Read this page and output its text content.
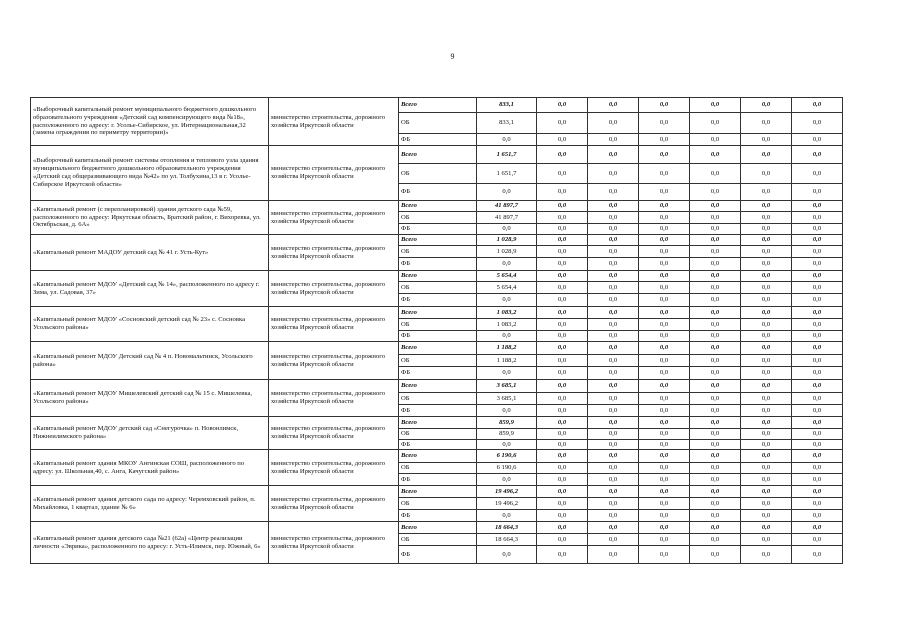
9
«Выборочный капитальный ремонт муниципального бюджетного дошкольного образовательного учреждения «Детский сад компенсирующего вида №18», расположенного по адресу: г. Усолье-Сибирское, ул. Интернациональная,32 (замена ограждения по периметру территории)»	министерство строительства, дорожного хозяйства Иркутской области	Всего	833,1	0,0	0,0	0,0	0,0	0,0	0,0
		ОБ	833,1	0,0	0,0	0,0	0,0	0,0	0,0
		ФБ	0,0	0,0	0,0	0,0	0,0	0,0	0,0
«Выборочный капитальный ремонт системы отопления и теплового узла здания муниципального бюджетного дошкольного образовательного учреждения «Детский сад общеразвивающего вида №42» по ул. Толбухина,13 в г. Усолье-Сибирское Иркутской области»	министерство строительства, дорожного хозяйства Иркутской области	Всего	1 651,7	0,0	0,0	0,0	0,0	0,0	0,0
		ОБ	1 651,7	0,0	0,0	0,0	0,0	0,0	0,0
		ФБ	0,0	0,0	0,0	0,0	0,0	0,0	0,0
«Капитальный ремонт (с перепланировкой) здания детского сада №59, расположенного по адресу: Иркутская область, Братский район, г. Вихоревка, ул. Октябрьская, д. 6А»	министерство строительства, дорожного хозяйства Иркутской области	Всего	41 897,7	0,0	0,0	0,0	0,0	0,0	0,0
		ОБ	41 897,7	0,0	0,0	0,0	0,0	0,0	0,0
		ФБ	0,0	0,0	0,0	0,0	0,0	0,0	0,0
«Капитальный ремонт МАДОУ детский сад № 41 г. Усть-Кут»	министерство строительства, дорожного хозяйства Иркутской области	Всего	1 028,9	0,0	0,0	0,0	0,0	0,0	0,0
		ОБ	1 028,9	0,0	0,0	0,0	0,0	0,0	0,0
		ФБ	0,0	0,0	0,0	0,0	0,0	0,0	0,0
«Капитальный ремонт МДОУ «Детский сад № 14», расположенного по адресу г. Зима, ул. Садовая, 37»	министерство строительства, дорожного хозяйства Иркутской области	Всего	5 654,4	0,0	0,0	0,0	0,0	0,0	0,0
		ОБ	5 654,4	0,0	0,0	0,0	0,0	0,0	0,0
		ФБ	0,0	0,0	0,0	0,0	0,0	0,0	0,0
«Капитальный ремонт МДОУ «Сосновский детский сад № 23» с. Сосновка Усольского района»	министерство строительства, дорожного хозяйства Иркутской области	Всего	1 083,2	0,0	0,0	0,0	0,0	0,0	0,0
		ОБ	1 083,2	0,0	0,0	0,0	0,0	0,0	0,0
		ФБ	0,0	0,0	0,0	0,0	0,0	0,0	0,0
«Капитальный ремонт МДОУ Детский сад № 4 п. Новомальтинск, Усольского района»	министерство строительства, дорожного хозяйства Иркутской области	Всего	1 188,2	0,0	0,0	0,0	0,0	0,0	0,0
		ОБ	1 188,2	0,0	0,0	0,0	0,0	0,0	0,0
		ФБ	0,0	0,0	0,0	0,0	0,0	0,0	0,0
«Капитальный ремонт МДОУ Мишелевский детский сад № 15 с. Мишелевка, Усольского района»	министерство строительства, дорожного хозяйства Иркутской области	Всего	3 685,1	0,0	0,0	0,0	0,0	0,0	0,0
		ОБ	3 685,1	0,0	0,0	0,0	0,0	0,0	0,0
		ФБ	0,0	0,0	0,0	0,0	0,0	0,0	0,0
«Капитальный ремонт МДОУ детский сад «Снегурочка» п. Новонлимск, Нижнеилимского района»	министерство строительства, дорожного хозяйства Иркутской области	Всего	859,9	0,0	0,0	0,0	0,0	0,0	0,0
		ОБ	859,9	0,0	0,0	0,0	0,0	0,0	0,0
		ФБ	0,0	0,0	0,0	0,0	0,0	0,0	0,0
«Капитальный ремонт здания МКОУ Ангинская СОШ, расположенного по адресу: ул. Школьная,40, с. Анга, Качугский район»	министерство строительства, дорожного хозяйства Иркутской области	Всего	6 190,6	0,0	0,0	0,0	0,0	0,0	0,0
		ОБ	6 190,6	0,0	0,0	0,0	0,0	0,0	0,0
		ФБ	0,0	0,0	0,0	0,0	0,0	0,0	0,0
«Капитальный ремонт здания детского сада по адресу: Черемховский район, п. Михайловка, 1 квартал, здание № 6»	министерство строительства, дорожного хозяйства Иркутской области	Всего	19 496,2	0,0	0,0	0,0	0,0	0,0	0,0
		ОБ	19 496,2	0,0	0,0	0,0	0,0	0,0	0,0
		ФБ	0,0	0,0	0,0	0,0	0,0	0,0	0,0
«Капитальный ремонт здания детского сада №21 (62а) «Центр реализации личности «Эврика», расположенного по адресу: г. Усть-Илимск, пер. Южный, 6»	министерство строительства, дорожного хозяйства Иркутской области	Всего	18 664,3	0,0	0,0	0,0	0,0	0,0	0,0
		ОБ	18 664,3	0,0	0,0	0,0	0,0	0,0	0,0
		ФБ	0,0	0,0	0,0	0,0	0,0	0,0	0,0
